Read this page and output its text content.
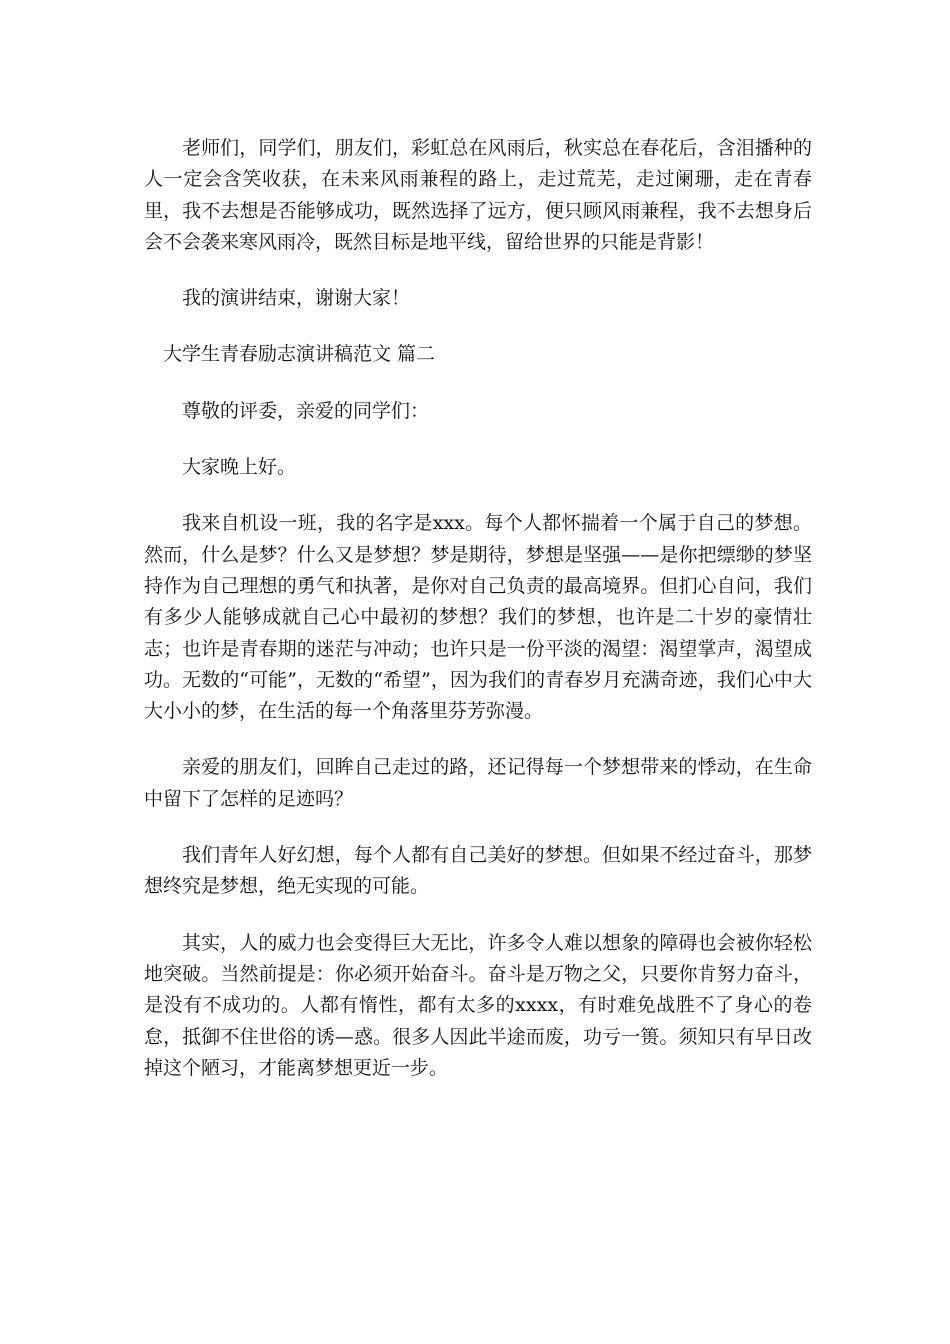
老师们，同学们，朋友们，彩虹总在风雨后，秋实总在春花后，含泪播种的人一定会含笑收获，在未来风雨兼程的路上，走过荒芜，走过阑珊，走在青春里，我不去想是否能够成功，既然选择了远方，便只顾风雨兼程，我不去想身后会不会袭来寒风雨冷，既然目标是地平线，留给世界的只能是背影！

我的演讲结束，谢谢大家！

大学生青春励志演讲稿范文 篇二

尊敬的评委，亲爱的同学们：

大家晚上好。

我来自机设一班，我的名字是xxx。每个人都怀揣着一个属于自己的梦想。然而，什么是梦？什么又是梦想？梦是期待，梦想是坚强——是你把缥缈的梦坚持作为自己理想的勇气和执著，是你对自己负责的最高境界。但扪心自问，我们有多少人能够成就自己心中最初的梦想？我们的梦想，也许是二十岁的豪情壮志；也许是青春期的迷茫与冲动；也许只是一份平淡的渴望：渴望掌声，渴望成功。无数的“可能”，无数的“希望”，因为我们的青春岁月充满奇迹，我们心中大大小小的梦，在生活的每一个角落里芬芳弥漫。

亲爱的朋友们，回眸自己走过的路，还记得每一个梦想带来的悸动，在生命中留下了怎样的足迹吗？

我们青年人好幻想，每个人都有自己美好的梦想。但如果不经过奋斗，那梦想终究是梦想，绝无实现的可能。

其实，人的威力也会变得巨大无比，许多令人难以想象的障碍也会被你轻松地突破。当然前提是：你必须开始奋斗。奋斗是万物之父，只要你肯努力奋斗，是没有不成功的。人都有惰性，都有太多的xxxx，有时难免战胜不了身心的卷怠，抵御不住世俗的诱—惑。很多人因此半途而废，功亏一篑。须知只有早日改掉这个陋习，才能离梦想更近一步。
